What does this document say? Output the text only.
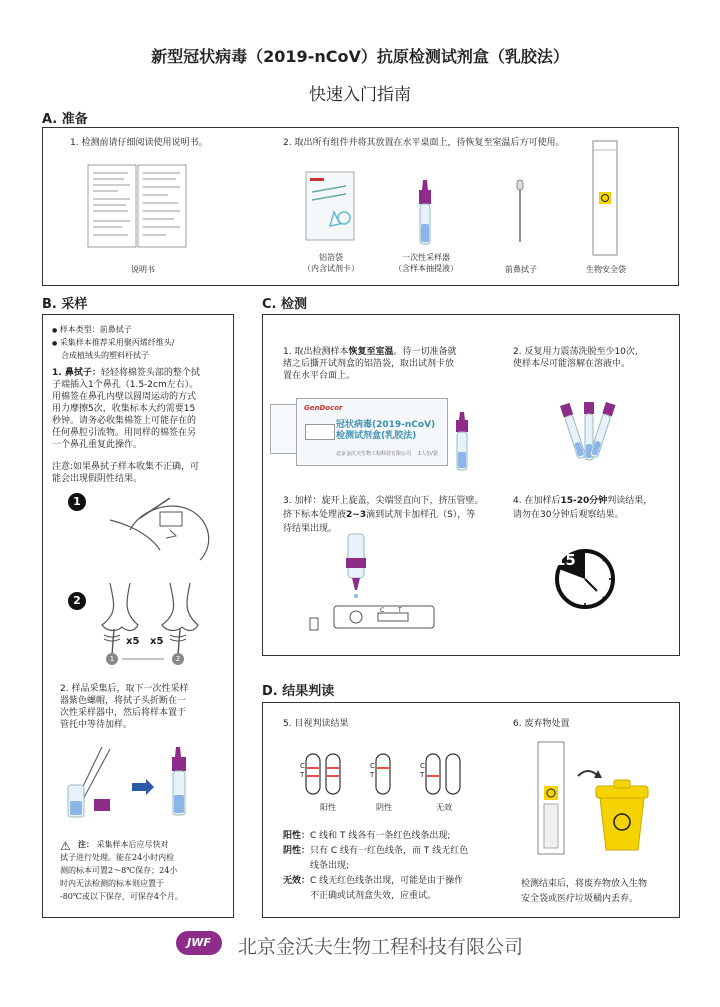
新型冠状病毒（2019-nCoV）抗原检测试剂盒（乳胶法）
快速入门指南
A. 准备
1. 检测前请仔细阅读使用说明书。	2. 取出所有组件并将其放置在水平桌面上，待恢复至室温后方可使用。
说明书
铝箔袋
（内含试剂卡）
一次性采样器
（含样本抽提液）	前鼻拭子	生物安全袋
B. 采样
● 样本类型：前鼻拭子
● 采集样本推荐采用聚丙烯纤维头/
合成植绒头的塑料杆拭子
1. 鼻拭子：轻轻将棉签头部的整个拭
子端插入1个鼻孔（1.5-2cm左右）。
用棉签在鼻孔内壁以圆周运动的方式
用力摩擦5次，收集标本大约需要15
秒钟。请务必收集棉签上可能存在的
任何鼻腔引流物。用同样的棉签在另
一个鼻孔重复此操作。
注意:如果鼻拭子样本收集不正确，可
能会出现假阴性结果。
1
2
1	2
x5 x5
2. 样品采集后，取下一次性采样
器紫色螺帽，将拭子头折断在一
次性采样器中，然后将样本置于
管托中等待加样。
⚠ 注： 采集样本后应尽快对
拭子进行处理。能在24小时内检
测的标本可置2～8℃保存；24小
时内无法检测的标本则应置于
-80℃或以下保存，可保存4个月。
C. 检测
1. 取出检测样本恢复至室温。待一切准备就
绪之后撕开试剂盒的铝箔袋，取出试剂卡放
置在水平台面上。
2. 反复用力震荡洗脱至少10次,
使样本尽可能溶解在溶液中。
GenDocor
冠状病毒(2019-nCoV)
检测试剂盒(乳胶法)
北京金沃夫生物工程科技有限公司 1人份/袋
3. 加样：旋开上旋盖，尖端竖直向下，挤压管壁。
挤下标本处理液2~3滴到试剂卡加样孔（S），等
待结果出现。
4. 在加样后15-20分钟判读结果，
请勿在30分钟后观察结果。
C T
15
D. 结果判读
5. 目视判读结果	6. 废弃物处置
C
T
C
T
C
T
阳性	阴性	无效
阳性：C 线和 T 线各有一条红色线条出现;
阴性：只有 C 线有一红色线条，而 T 线无红色
线条出现;
无效：C 线无红色线条出现，可能是由于操作
不正确或试剂盒失效，应重试。
检测结束后，将废弃物放入生物
安全袋或医疗垃圾桶内丢弃。
JWF	北京金沃夫生物工程科技有限公司
